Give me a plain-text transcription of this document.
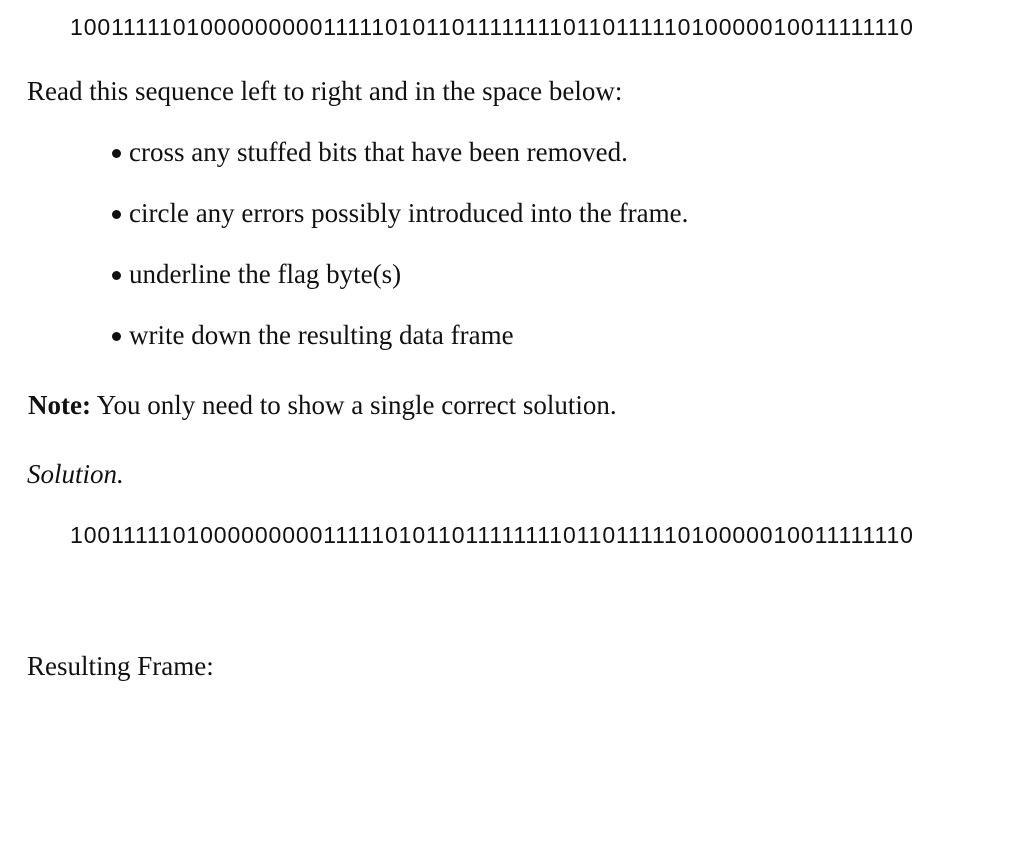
10011111010000000001111101011011111111011011111010000010011111110
Read this sequence left to right and in the space below:
cross any stuffed bits that have been removed.
circle any errors possibly introduced into the frame.
underline the flag byte(s)
write down the resulting data frame
Note: You only need to show a single correct solution.
Solution.
10011111010000000001111101011011111111011011111010000010011111110
Resulting Frame:
